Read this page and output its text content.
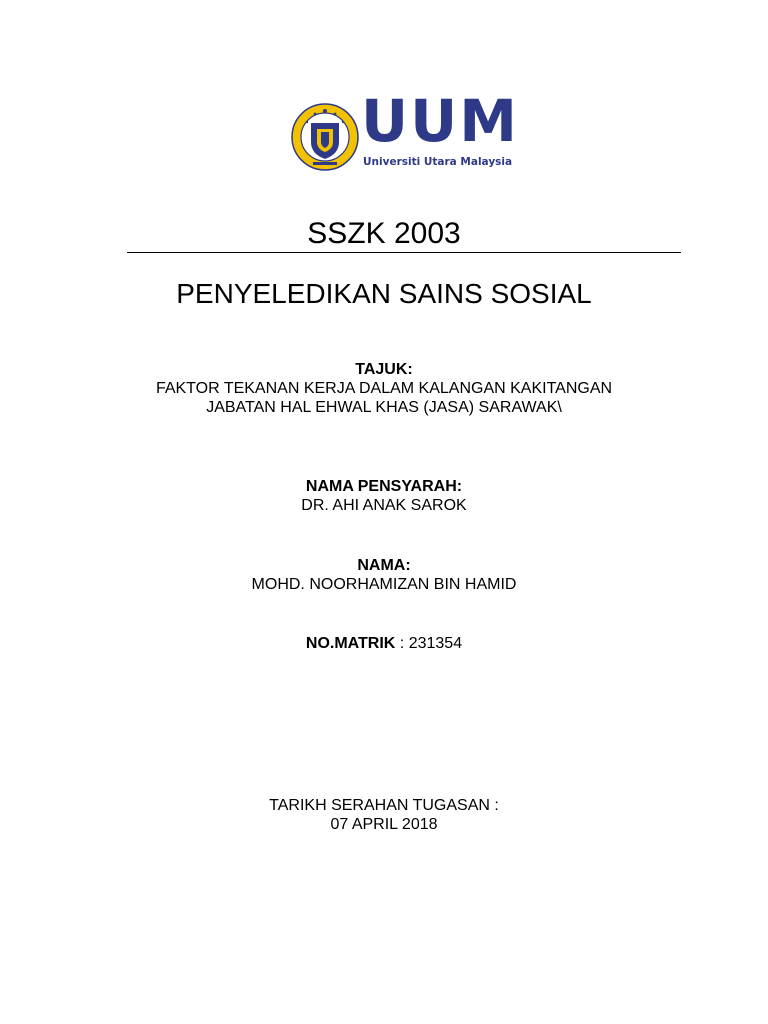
UUM
Universiti Utara Malaysia
SSZK 2003
PENYELEDIKAN SAINS SOSIAL
TAJUK:
FAKTOR TEKANAN KERJA DALAM KALANGAN KAKITANGAN
JABATAN HAL EHWAL KHAS (JASA) SARAWAK\
NAMA PENSYARAH:
DR. AHI ANAK SAROK
NAMA:
MOHD. NOORHAMIZAN BIN HAMID
NO.MATRIK : 231354
TARIKH SERAHAN TUGASAN :
07 APRIL 2018
